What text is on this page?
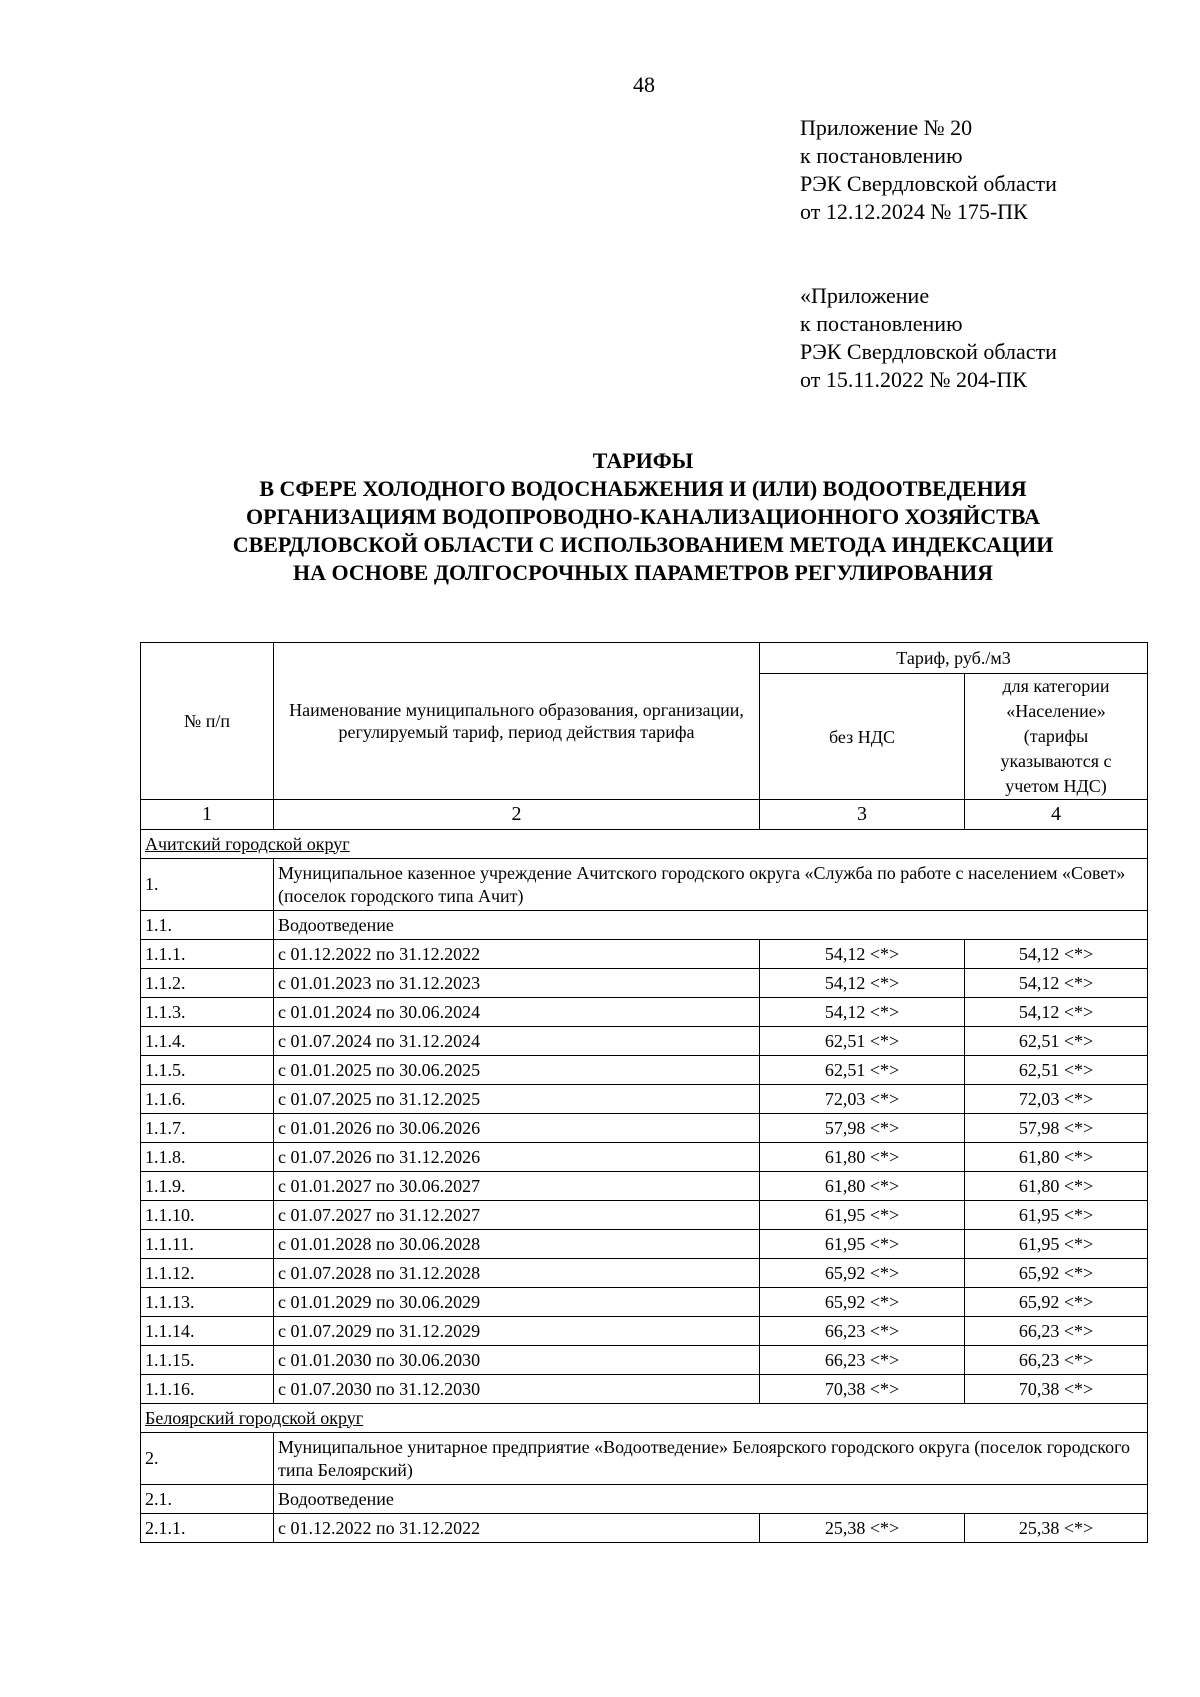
48
Приложение № 20
к постановлению
РЭК Свердловской области
от 12.12.2024 № 175-ПК
«Приложение
к постановлению
РЭК Свердловской области
от 15.11.2022 № 204-ПК
ТАРИФЫ
В СФЕРЕ ХОЛОДНОГО ВОДОСНАБЖЕНИЯ И (ИЛИ) ВОДООТВЕДЕНИЯ
ОРГАНИЗАЦИЯМ ВОДОПРОВОДНО-КАНАЛИЗАЦИОННОГО ХОЗЯЙСТВА
СВЕРДЛОВСКОЙ ОБЛАСТИ С ИСПОЛЬЗОВАНИЕМ МЕТОДА ИНДЕКСАЦИИ
НА ОСНОВЕ ДОЛГОСРОЧНЫХ ПАРАМЕТРОВ РЕГУЛИРОВАНИЯ
№ п/п	Наименование муниципального образования, организации, регулируемый тариф, период действия тарифа	Тариф, руб./м3	
		без НДС	для категории «Население» (тарифы указываются с учетом НДС)
1	2	3	4
Ачитский городской округ			
1.	Муниципальное казенное учреждение Ачитского городского округа «Служба по работе с населением «Совет» (поселок городского типа Ачит)		
1.1.	Водоотведение		
1.1.1.	с 01.12.2022 по 31.12.2022	54,12 <*>	54,12 <*>
1.1.2.	с 01.01.2023 по 31.12.2023	54,12 <*>	54,12 <*>
1.1.3.	с 01.01.2024 по 30.06.2024	54,12 <*>	54,12 <*>
1.1.4.	с 01.07.2024 по 31.12.2024	62,51 <*>	62,51 <*>
1.1.5.	с 01.01.2025 по 30.06.2025	62,51 <*>	62,51 <*>
1.1.6.	с 01.07.2025 по 31.12.2025	72,03 <*>	72,03 <*>
1.1.7.	с 01.01.2026 по 30.06.2026	57,98 <*>	57,98 <*>
1.1.8.	с 01.07.2026 по 31.12.2026	61,80 <*>	61,80 <*>
1.1.9.	с 01.01.2027 по 30.06.2027	61,80 <*>	61,80 <*>
1.1.10.	с 01.07.2027 по 31.12.2027	61,95 <*>	61,95 <*>
1.1.11.	с 01.01.2028 по 30.06.2028	61,95 <*>	61,95 <*>
1.1.12.	с 01.07.2028 по 31.12.2028	65,92 <*>	65,92 <*>
1.1.13.	с 01.01.2029 по 30.06.2029	65,92 <*>	65,92 <*>
1.1.14.	с 01.07.2029 по 31.12.2029	66,23 <*>	66,23 <*>
1.1.15.	с 01.01.2030 по 30.06.2030	66,23 <*>	66,23 <*>
1.1.16.	с 01.07.2030 по 31.12.2030	70,38 <*>	70,38 <*>
Белоярский городской округ			
2.	Муниципальное унитарное предприятие «Водоотведение» Белоярского городского округа (поселок городского типа Белоярский)		
2.1.	Водоотведение		
2.1.1.	с 01.12.2022 по 31.12.2022	25,38 <*>	25,38 <*>
